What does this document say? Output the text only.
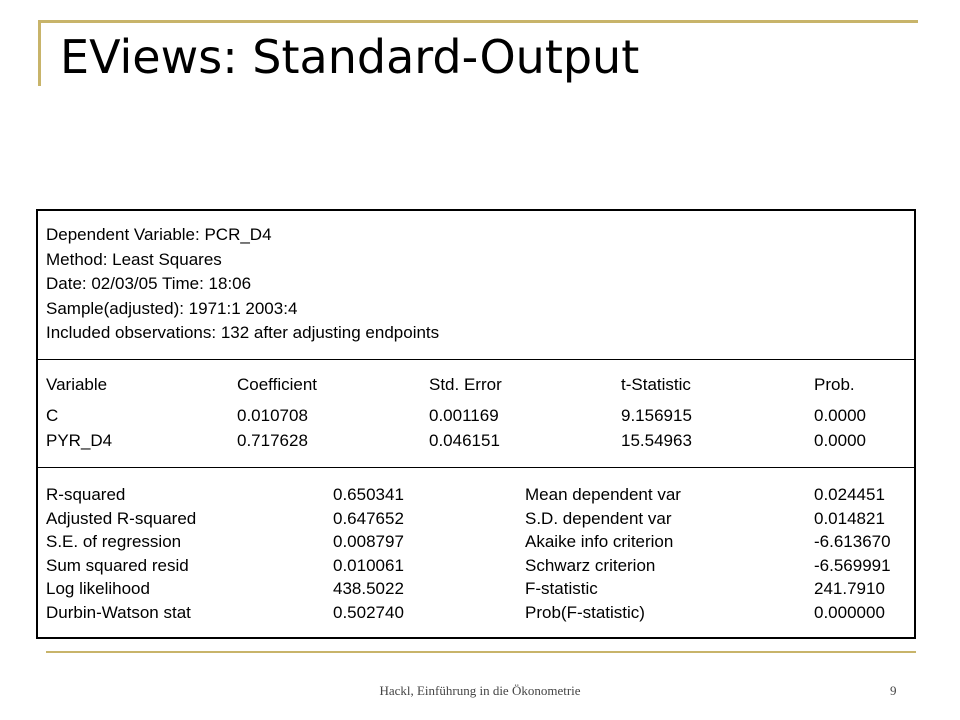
EViews: Standard-Output
Dependent Variable: PCR_D4
Method: Least Squares
Date: 02/03/05 Time: 18:06
Sample(adjusted): 1971:1 2003:4
Included observations: 132 after adjusting endpoints
Variable	Coefficient	Std. Error	t-Statistic	Prob.
C	0.010708	0.001169	9.156915	0.0000
PYR_D4	0.717628	0.046151	15.54963	0.0000
R-squared	0.650341	Mean dependent var	0.024451
Adjusted R-squared	0.647652	S.D. dependent var	0.014821
S.E. of regression	0.008797	Akaike info criterion	-6.613670
Sum squared resid	0.010061	Schwarz criterion	-6.569991
Log likelihood	438.5022	F-statistic	241.7910
Durbin-Watson stat	0.502740	Prob(F-statistic)	0.000000
Hackl, Einführung in die Ökonometrie	9
